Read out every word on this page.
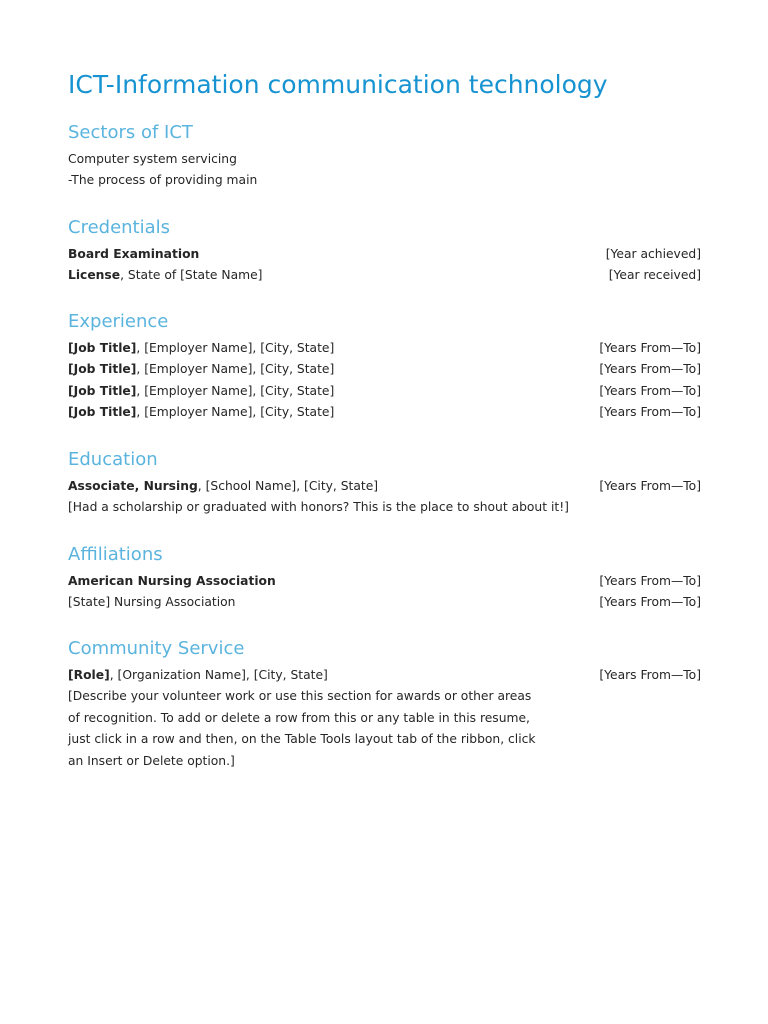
ICT-Information communication technology
Sectors of ICT
Computer system servicing
-The process of providing main
Credentials
Board Examination	[Year achieved]
License, State of [State Name]	[Year received]
Experience
[Job Title], [Employer Name], [City, State]	[Years From—To]
[Job Title], [Employer Name], [City, State]	[Years From—To]
[Job Title], [Employer Name], [City, State]	[Years From—To]
[Job Title], [Employer Name], [City, State]	[Years From—To]
Education
Associate, Nursing, [School Name], [City, State]	[Years From—To]
[Had a scholarship or graduated with honors? This is the place to shout about it!]
Affiliations
American Nursing Association	[Years From—To]
[State] Nursing Association	[Years From—To]
Community Service
[Role], [Organization Name], [City, State]	[Years From—To]
[Describe your volunteer work or use this section for awards or other areas of recognition. To add or delete a row from this or any table in this resume, just click in a row and then, on the Table Tools layout tab of the ribbon, click an Insert or Delete option.]
